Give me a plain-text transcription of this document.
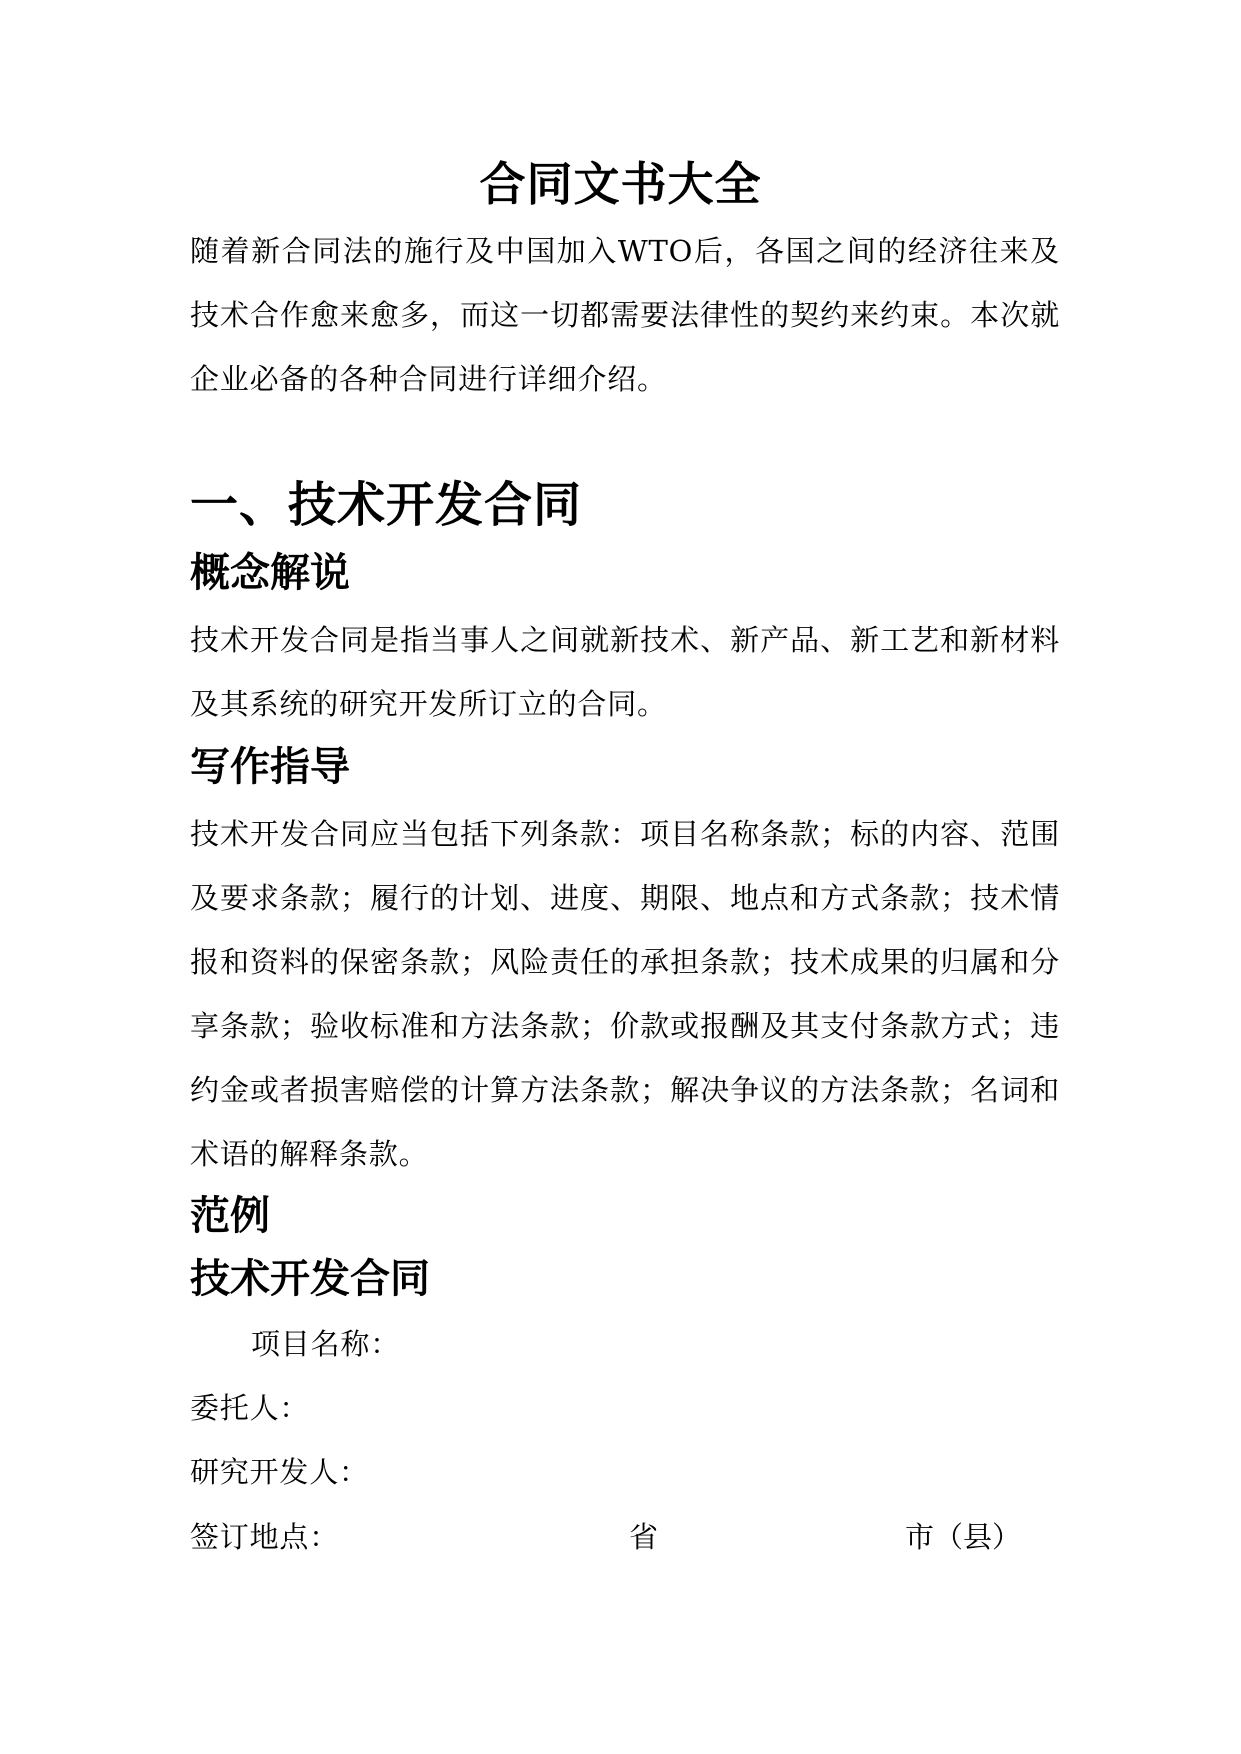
合同文书大全
随着新合同法的施行及中国加入WTO后，各国之间的经济往来及技术合作愈来愈多，而这一切都需要法律性的契约来约束。本次就企业必备的各种合同进行详细介绍。
一、技术开发合同
概念解说
技术开发合同是指当事人之间就新技术、新产品、新工艺和新材料及其系统的研究开发所订立的合同。
写作指导
技术开发合同应当包括下列条款：项目名称条款；标的内容、范围及要求条款；履行的计划、进度、期限、地点和方式条款；技术情报和资料的保密条款；风险责任的承担条款；技术成果的归属和分享条款；验收标准和方法条款；价款或报酬及其支付条款方式；违约金或者损害赔偿的计算方法条款；解决争议的方法条款；名词和术语的解释条款。
范例
技术开发合同
项目名称：
委托人：
研究开发人：
签订地点：	省	市（县）
